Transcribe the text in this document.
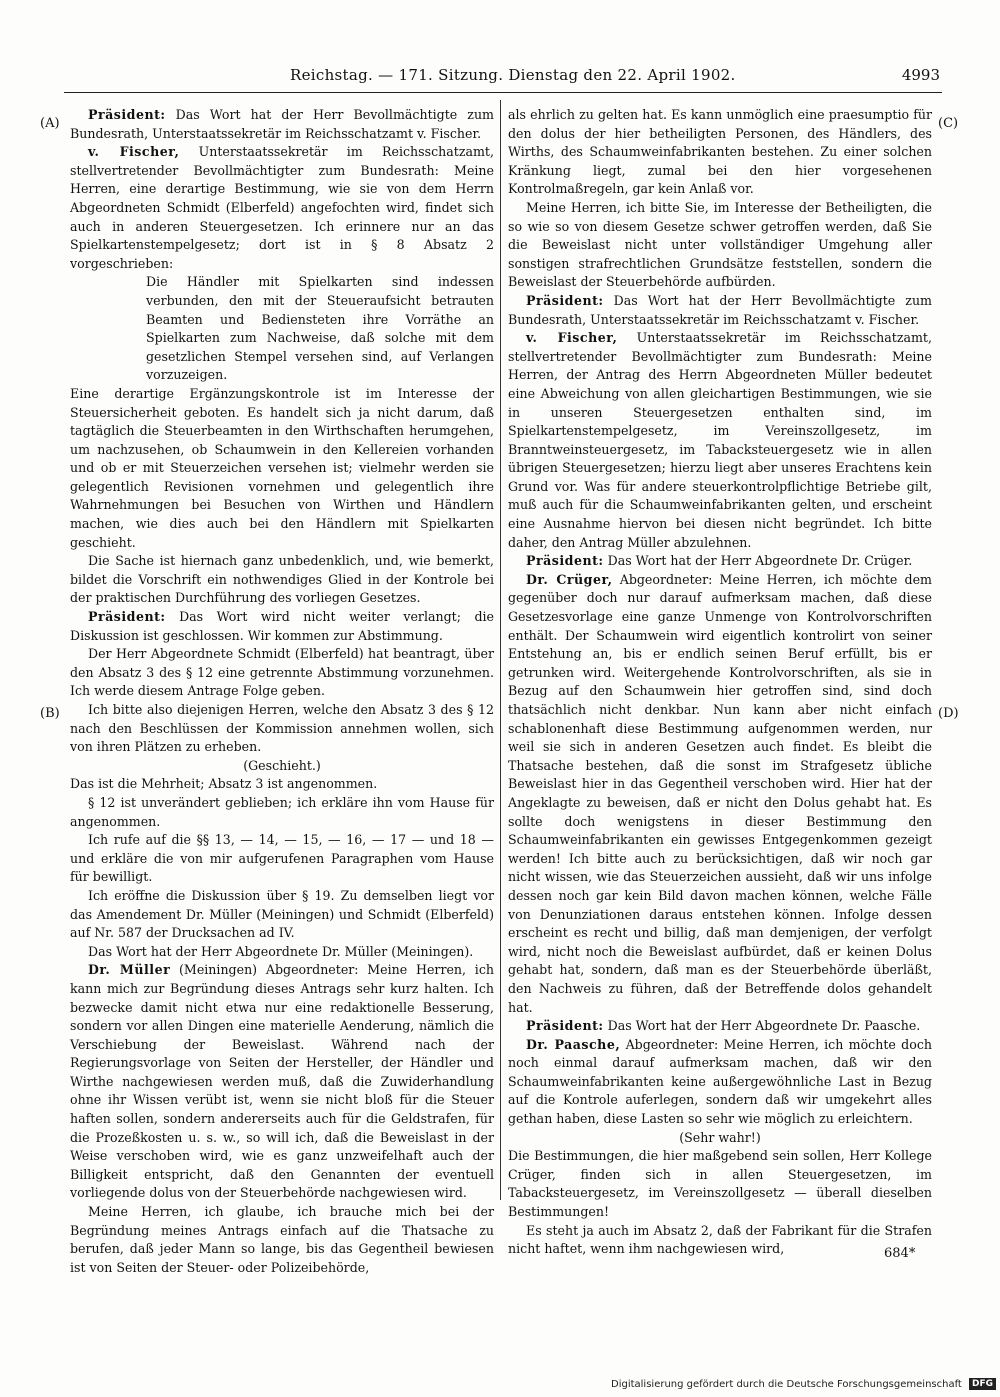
Reichstag. — 171. Sitzung. Dienstag den 22. April 1902.	4993
(A)
(B)
(C)
(D)

Präsident: Das Wort hat der Herr Bevollmächtigte zum Bundesrath, Unterstaatssekretär im Reichsschatzamt v. Fischer.

v. Fischer, Unterstaatssekretär im Reichsschatzamt, stellvertretender Bevollmächtigter zum Bundesrath: Meine Herren, eine derartige Bestimmung, wie sie von dem Herrn Abgeordneten Schmidt (Elberfeld) angefochten wird, findet sich auch in anderen Steuergesetzen. Ich erinnere nur an das Spielkartenstempelgesetz; dort ist in § 8 Absatz 2 vorgeschrieben:

Die Händler mit Spielkarten sind indessen verbunden, den mit der Steueraufsicht betrauten Beamten und Bediensteten ihre Vorräthe an Spielkarten zum Nachweise, daß solche mit dem gesetzlichen Stempel versehen sind, auf Verlangen vorzuzeigen.

Eine derartige Ergänzungskontrole ist im Interesse der Steuersicherheit geboten. Es handelt sich ja nicht darum, daß tagtäglich die Steuerbeamten in den Wirthschaften herumgehen, um nachzusehen, ob Schaumwein in den Kellereien vorhanden und ob er mit Steuerzeichen versehen ist; vielmehr werden sie gelegentlich Revisionen vornehmen und gelegentlich ihre Wahrnehmungen bei Besuchen von Wirthen und Händlern machen, wie dies auch bei den Händlern mit Spielkarten geschieht.

Die Sache ist hiernach ganz unbedenklich, und, wie bemerkt, bildet die Vorschrift ein nothwendiges Glied in der Kontrole bei der praktischen Durchführung des vorliegen Gesetzes.

Präsident: Das Wort wird nicht weiter verlangt; die Diskussion ist geschlossen. Wir kommen zur Abstimmung.

Der Herr Abgeordnete Schmidt (Elberfeld) hat beantragt, über den Absatz 3 des § 12 eine getrennte Abstimmung vorzunehmen. Ich werde diesem Antrage Folge geben.

Ich bitte also diejenigen Herren, welche den Absatz 3 des § 12 nach den Beschlüssen der Kommission annehmen wollen, sich von ihren Plätzen zu erheben.

(Geschieht.)

Das ist die Mehrheit; Absatz 3 ist angenommen.

§ 12 ist unverändert geblieben; ich erkläre ihn vom Hause für angenommen.

Ich rufe auf die §§ 13, — 14, — 15, — 16, — 17 — und 18 — und erkläre die von mir aufgerufenen Paragraphen vom Hause für bewilligt.

Ich eröffne die Diskussion über § 19. Zu demselben liegt vor das Amendement Dr. Müller (Meiningen) und Schmidt (Elberfeld) auf Nr. 587 der Drucksachen ad IV.

Das Wort hat der Herr Abgeordnete Dr. Müller (Meiningen).

Dr. Müller (Meiningen) Abgeordneter: Meine Herren, ich kann mich zur Begründung dieses Antrags sehr kurz halten. Ich bezwecke damit nicht etwa nur eine redaktionelle Besserung, sondern vor allen Dingen eine materielle Aenderung, nämlich die Verschiebung der Beweislast. Während nach der Regierungsvorlage von Seiten der Hersteller, der Händler und Wirthe nachgewiesen werden muß, daß die Zuwiderhandlung ohne ihr Wissen verübt ist, wenn sie nicht bloß für die Steuer haften sollen, sondern andererseits auch für die Geldstrafen, für die Prozeßkosten u. s. w., so will ich, daß die Beweislast in der Weise verschoben wird, wie es ganz unzweifelhaft auch der Billigkeit entspricht, daß den Genannten der eventuell vorliegende dolus von der Steuerbehörde nachgewiesen wird.

Meine Herren, ich glaube, ich brauche mich bei der Begründung meines Antrags einfach auf die Thatsache zu berufen, daß jeder Mann so lange, bis das Gegentheil bewiesen ist von Seiten der Steuer- oder Polizeibehörde,

als ehrlich zu gelten hat. Es kann unmöglich eine praesumptio für den dolus der hier betheiligten Personen, des Händlers, des Wirths, des Schaumweinfabrikanten bestehen. Zu einer solchen Kränkung liegt, zumal bei den hier vorgesehenen Kontrolmaßregeln, gar kein Anlaß vor.

Meine Herren, ich bitte Sie, im Interesse der Betheiligten, die so wie so von diesem Gesetze schwer getroffen werden, daß Sie die Beweislast nicht unter vollständiger Umgehung aller sonstigen strafrechtlichen Grundsätze feststellen, sondern die Beweislast der Steuerbehörde aufbürden.

Präsident: Das Wort hat der Herr Bevollmächtigte zum Bundesrath, Unterstaatssekretär im Reichsschatzamt v. Fischer.

v. Fischer, Unterstaatssekretär im Reichsschatzamt, stellvertretender Bevollmächtigter zum Bundesrath: Meine Herren, der Antrag des Herrn Abgeordneten Müller bedeutet eine Abweichung von allen gleichartigen Bestimmungen, wie sie in unseren Steuergesetzen enthalten sind, im Spielkartenstempelgesetz, im Vereinszollgesetz, im Branntweinsteuergesetz, im Tabacksteuergesetz wie in allen übrigen Steuergesetzen; hierzu liegt aber unseres Erachtens kein Grund vor. Was für andere steuerkontrolpflichtige Betriebe gilt, muß auch für die Schaumweinfabrikanten gelten, und erscheint eine Ausnahme hiervon bei diesen nicht begründet. Ich bitte daher, den Antrag Müller abzulehnen.

Präsident: Das Wort hat der Herr Abgeordnete Dr. Crüger.

Dr. Crüger, Abgeordneter: Meine Herren, ich möchte dem gegenüber doch nur darauf aufmerksam machen, daß diese Gesetzesvorlage eine ganze Unmenge von Kontrolvorschriften enthält. Der Schaumwein wird eigentlich kontrolirt von seiner Entstehung an, bis er endlich seinen Beruf erfüllt, bis er getrunken wird. Weitergehende Kontrolvorschriften, als sie in Bezug auf den Schaumwein hier getroffen sind, sind doch thatsächlich nicht denkbar. Nun kann aber nicht einfach schablonenhaft diese Bestimmung aufgenommen werden, nur weil sie sich in anderen Gesetzen auch findet. Es bleibt die Thatsache bestehen, daß die sonst im Strafgesetz übliche Beweislast hier in das Gegentheil verschoben wird. Hier hat der Angeklagte zu beweisen, daß er nicht den Dolus gehabt hat. Es sollte doch wenigstens in dieser Bestimmung den Schaumweinfabrikanten ein gewisses Entgegenkommen gezeigt werden! Ich bitte auch zu berücksichtigen, daß wir noch gar nicht wissen, wie das Steuerzeichen aussieht, daß wir uns infolge dessen noch gar kein Bild davon machen können, welche Fälle von Denunziationen daraus entstehen können. Infolge dessen erscheint es recht und billig, daß man demjenigen, der verfolgt wird, nicht noch die Beweislast aufbürdet, daß er keinen Dolus gehabt hat, sondern, daß man es der Steuerbehörde überläßt, den Nachweis zu führen, daß der Betreffende dolos gehandelt hat.

Präsident: Das Wort hat der Herr Abgeordnete Dr. Paasche.

Dr. Paasche, Abgeordneter: Meine Herren, ich möchte doch noch einmal darauf aufmerksam machen, daß wir den Schaumweinfabrikanten keine außergewöhnliche Last in Bezug auf die Kontrole auferlegen, sondern daß wir umgekehrt alles gethan haben, diese Lasten so sehr wie möglich zu erleichtern.

(Sehr wahr!)

Die Bestimmungen, die hier maßgebend sein sollen, Herr Kollege Crüger, finden sich in allen Steuergesetzen, im Tabacksteuergesetz, im Vereinszollgesetz — überall dieselben Bestimmungen!

Es steht ja auch im Absatz 2, daß der Fabrikant für die Strafen nicht haftet, wenn ihm nachgewiesen wird,	684*
Digitalisierung gefördert durch die Deutsche Forschungsgemeinschaft DFG
